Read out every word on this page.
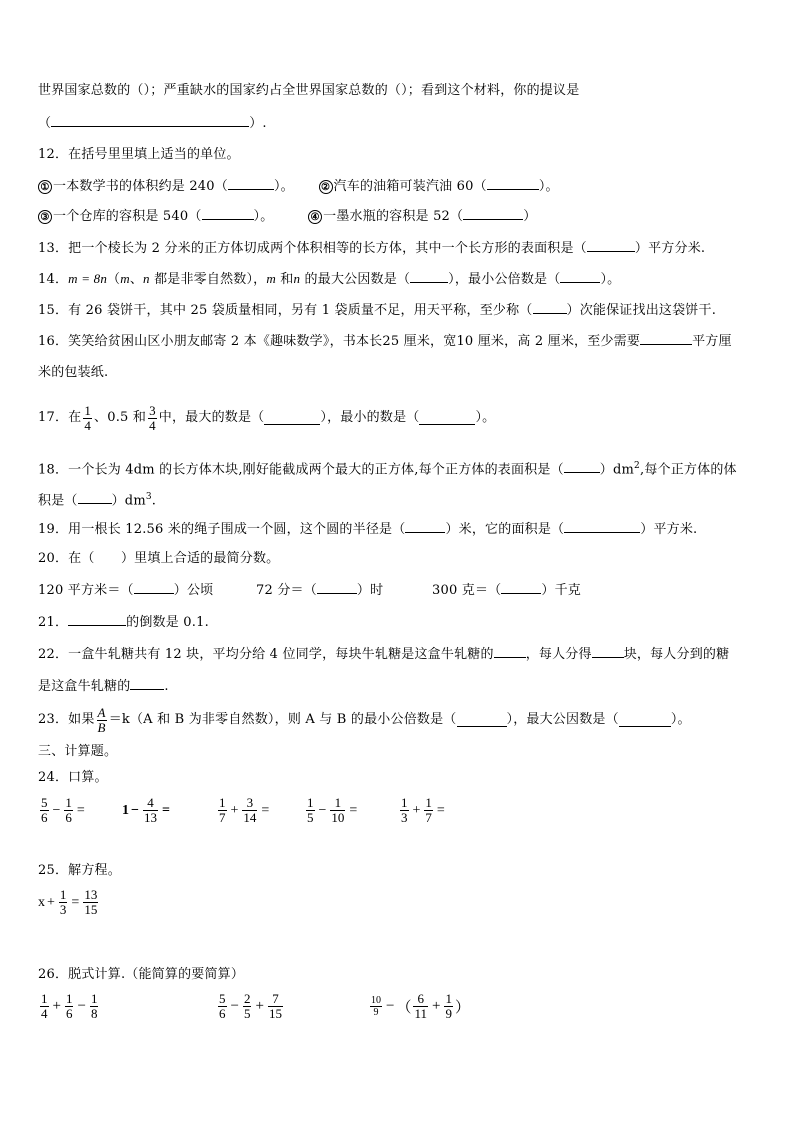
世界国家总数的（）；严重缺水的国家约占全世界国家总数的（）；看到这个材料，你的提议是
（	）.
12．在括号里里填上适当的单位。
① 一本数学书的体积约是 240（	）。	② 汽车的油箱可装汽油 60（	）。
③ 一个仓库的容积是 540（	）。	④ 一墨水瓶的容积是 52（	）
13．把一个棱长为 2 分米的正方体切成两个体积相等的长方体，其中一个长方形的表面积是（	）平方分米.
14．m = 8n（m、n 都是非零自然数），m 和n 的最大公因数是（	），最小公倍数是（	）。
15．有 26 袋饼干，其中 25 袋质量相同，另有 1 袋质量不足，用天平称，至少称（	）次能保证找出这袋饼干.
16．笑笑给贫困山区小朋友邮寄 2 本《趣味数学》，书本长25 厘米，宽10 厘米，高 2 厘米，至少需要	平方厘
米的包装纸.
17．在 $\frac{1}{4}$ 、0.5 和 $\frac{3}{4}$ 中，最大的数是（	），最小的数是（	）。
18．一个长为 4dm 的长方体木块,刚好能截成两个最大的正方体,每个正方体的表面积是（	）$dm^2$,每个正方体的体
积是（	）$dm^3$.
19．用一根长 12.56 米的绳子围成一个圆，这个圆的半径是（	）米，它的面积是（	）平方米.
20．在（　　）里填上合适的最简分数。
120 平方米＝（	）公顷	72 分＝（	）时	300 克＝（	）千克
21．	的倒数是 0.1.
22．一盒牛轧糖共有 12 块，平均分给 4 位同学，每块牛轧糖是这盒牛轧糖的 ，每人分得 块，每人分到的糖
是这盒牛轧糖的	.
23．如果 $\frac{A}{B} =k(A$ 和 B 为非零自然数），则 A 与 B 的最小公倍数是（	），最大公因数是（	）。
三、计算题。
24．口算。
$\frac{5}{6} - \frac{1}{6}$ =	$1 - \frac{4}{13}$ =	$\frac{1}{7} + \frac{3}{14}$ =	$\frac{1}{5} - \frac{1}{10}$ =	$\frac{1}{3} + \frac{1}{7}$ =
25．解方程。
$x + \frac{1}{3} = \frac{13}{15}$
26．脱式计算.（能简算的要简算）
$\frac{1}{4} + \frac{1}{6} - \frac{1}{8}$	$\frac{5}{6} - \frac{2}{5} + \frac{7}{15}$	$\frac{10}{9}$ − （ $\frac{6}{11} + \frac{1}{9}$ ）
